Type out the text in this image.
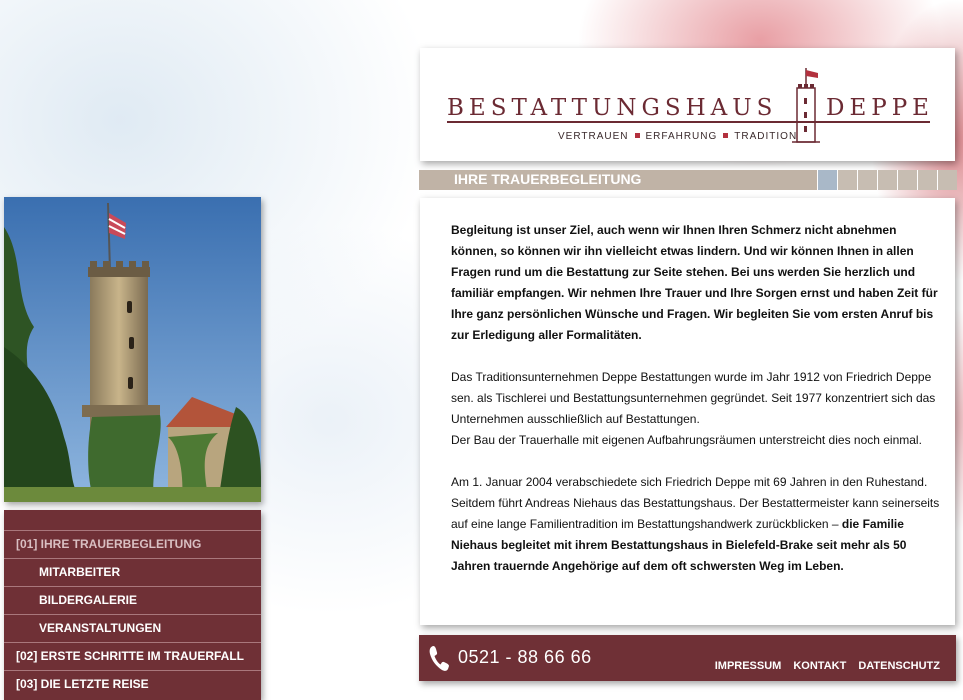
[01] IHRE TRAUERBEGLEITUNG
MITARBEITER
BILDERGALERIE
VERANSTALTUNGEN
[02] ERSTE SCHRITTE IM TRAUERFALL
[03] DIE LETZTE REISE
BESTATTUNGSHAUS DEPPE
VERTRAUEN ERFAHRUNG TRADITION
IHRE TRAUERBEGLEITUNG

Begleitung ist unser Ziel, auch wenn wir Ihnen Ihren Schmerz nicht abnehmen können, so können wir ihn vielleicht etwas lindern. Und wir können Ihnen in allen Fragen rund um die Bestattung zur Seite stehen. Bei uns werden Sie herzlich und familiär empfangen. Wir nehmen Ihre Trauer und Ihre Sorgen ernst und haben Zeit für Ihre ganz persönlichen Wünsche und Fragen. Wir begleiten Sie vom ersten Anruf bis zur Erledigung aller Formalitäten.

Das Traditionsunternehmen Deppe Bestattungen wurde im Jahr 1912 von Friedrich Deppe sen. als Tischlerei und Bestattungsunternehmen gegründet. Seit 1977 konzentriert sich das Unternehmen ausschließlich auf Bestattungen.
Der Bau der Trauerhalle mit eigenen Aufbahrungsräumen unterstreicht dies noch einmal.

Am 1. Januar 2004 verabschiedete sich Friedrich Deppe mit 69 Jahren in den Ruhestand. Seitdem führt Andreas Niehaus das Bestattungshaus. Der Bestattermeister kann seinerseits auf eine lange Familientradition im Bestattungshandwerk zurückblicken – die Familie Niehaus begleitet mit ihrem Bestattungshaus in Bielefeld-Brake seit mehr als 50 Jahren trauernde Angehörige auf dem oft schwersten Weg im Leben.

0521 - 88 66 66	IMPRESSUM KONTAKT DATENSCHUTZ
